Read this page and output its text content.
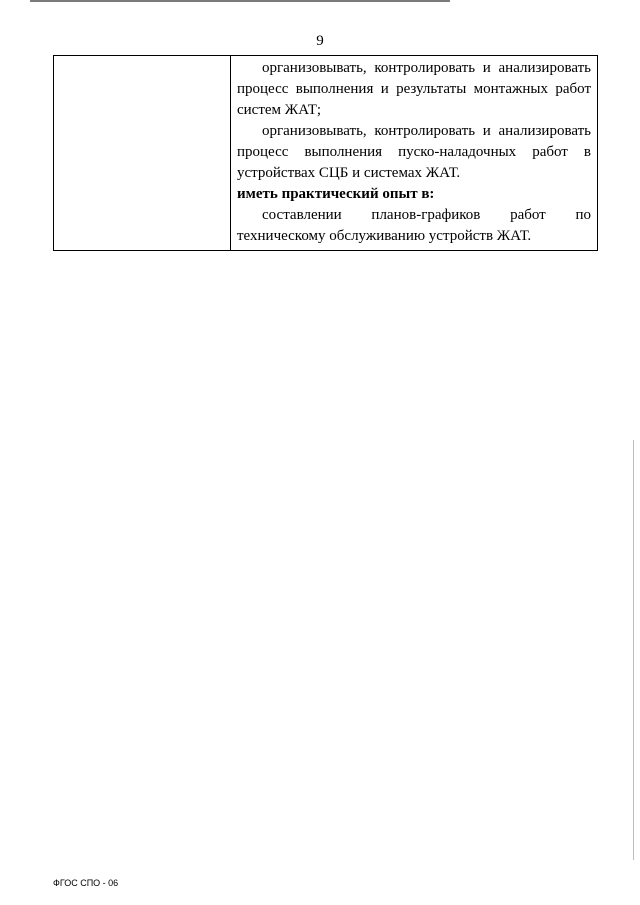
9

организовывать, контролировать и анализировать процесс выполнения и результаты монтажных работ систем ЖАТ;

организовывать, контролировать и анализировать процесс выполнения пуско-наладочных работ в устройствах СЦБ и системах ЖАТ.

иметь практический опыт в:

составлении планов-графиков работ по техническому обслуживанию устройств ЖАТ.

ФГОС СПО - 06
